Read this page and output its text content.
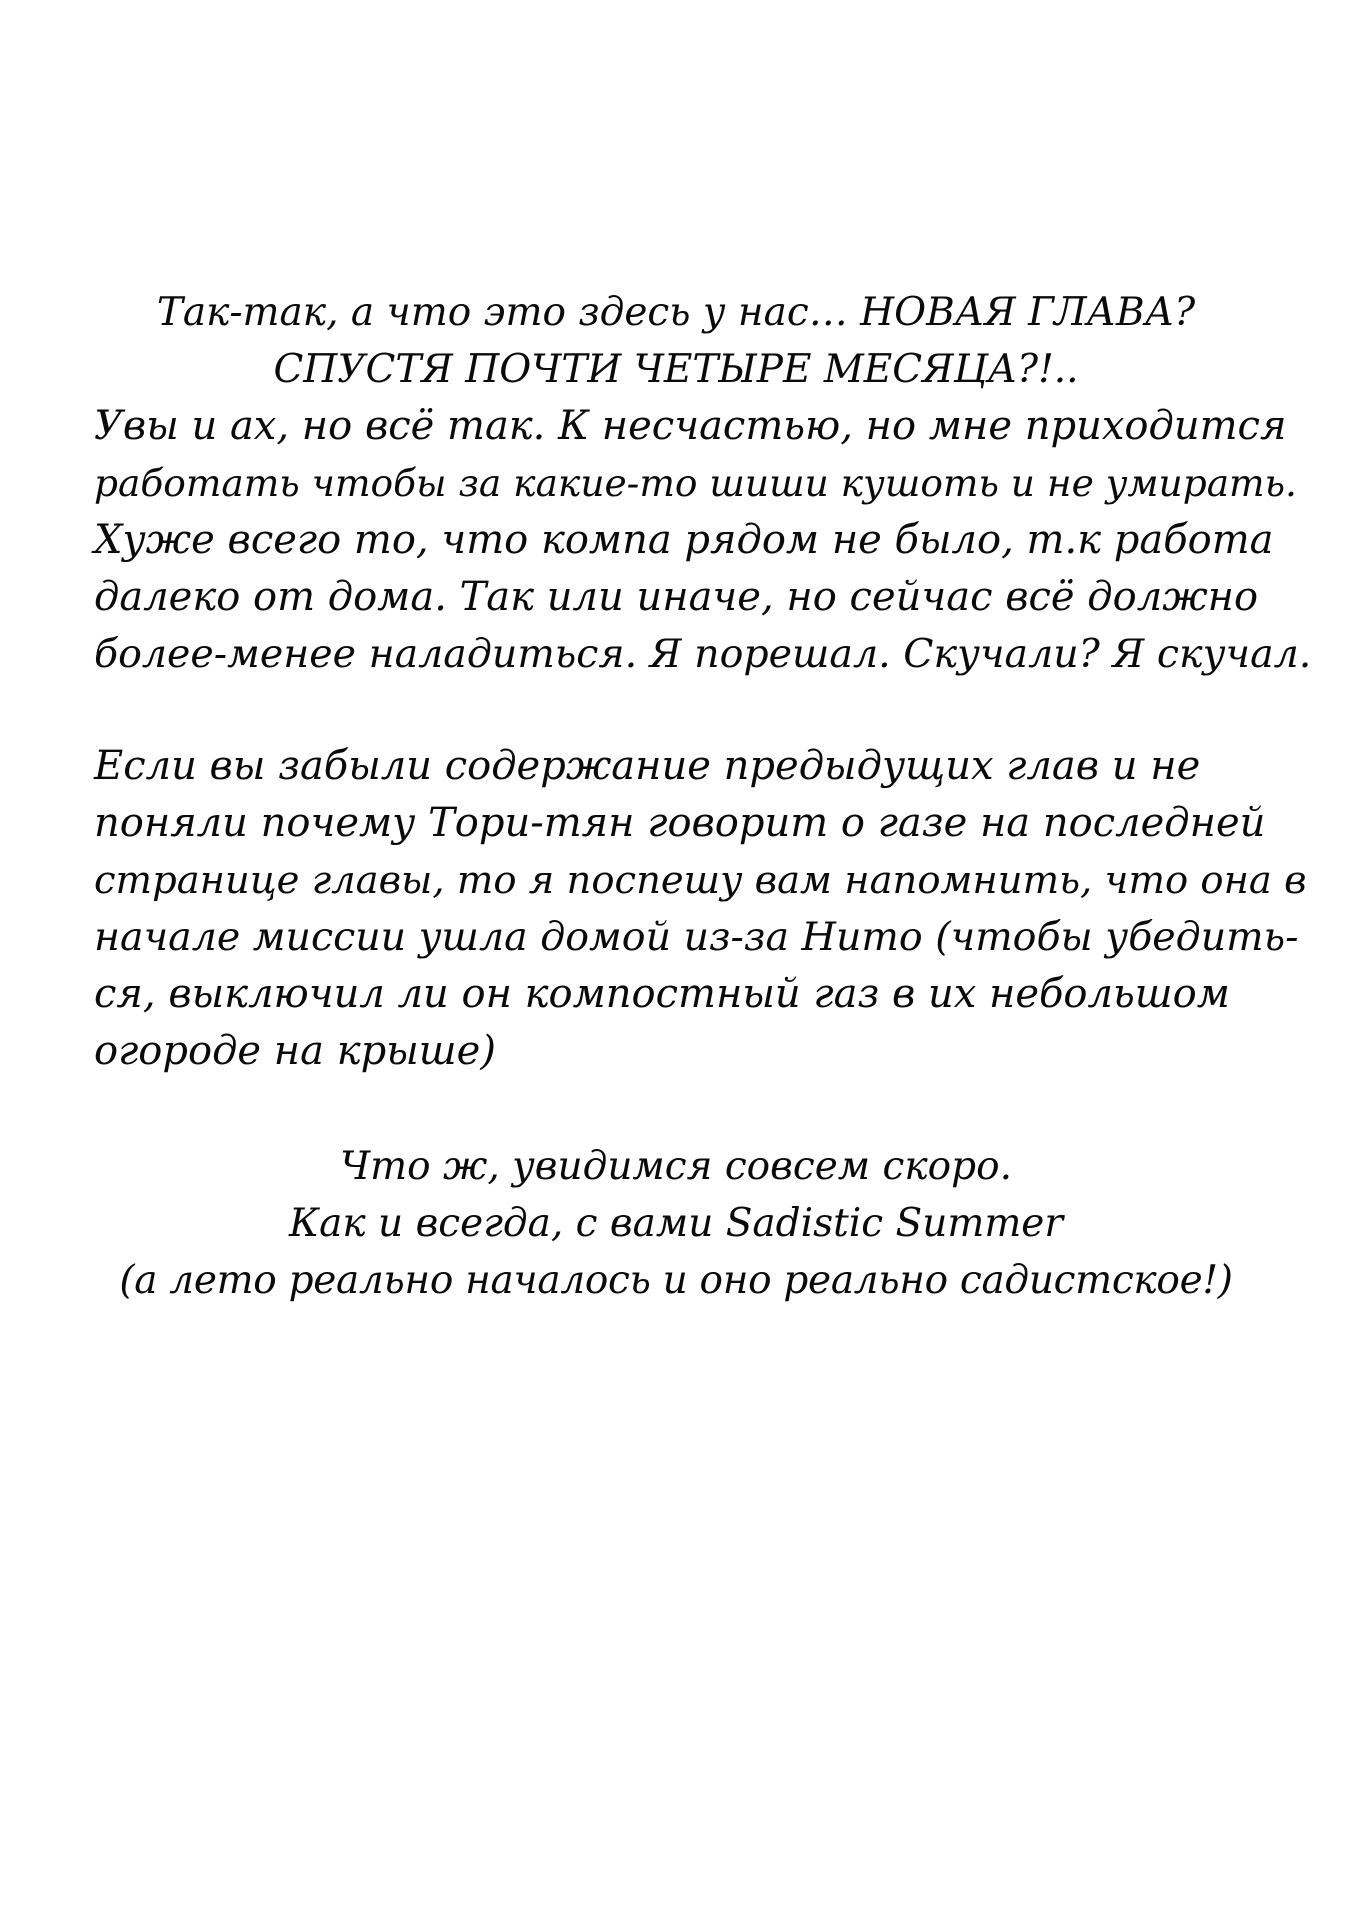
Так-так, а что это здесь у нас… НОВАЯ ГЛАВА?
СПУСТЯ ПОЧТИ ЧЕТЫРЕ МЕСЯЦА?!..
Увы и ах, но всё так. К несчастью, но мне приходится
работать чтобы за какие-то шиши кушоть и не умирать.
Хуже всего то, что компа рядом не было, т.к работа
далеко от дома. Так или иначе, но сейчас всё должно
более-менее наладиться. Я порешал. Скучали? Я скучал.
Если вы забыли содержание предыдущих глав и не
поняли почему Тори-тян говорит о газе на последней
странице главы, то я поспешу вам напомнить, что она в
начале миссии ушла домой из-за Нито (чтобы убедить-
ся, выключил ли он компостный газ в их небольшом
огороде на крыше)
Что ж, увидимся совсем скоро.
Как и всегда, с вами Sadistic Summer
(а лето реально началось и оно реально садистское!)
